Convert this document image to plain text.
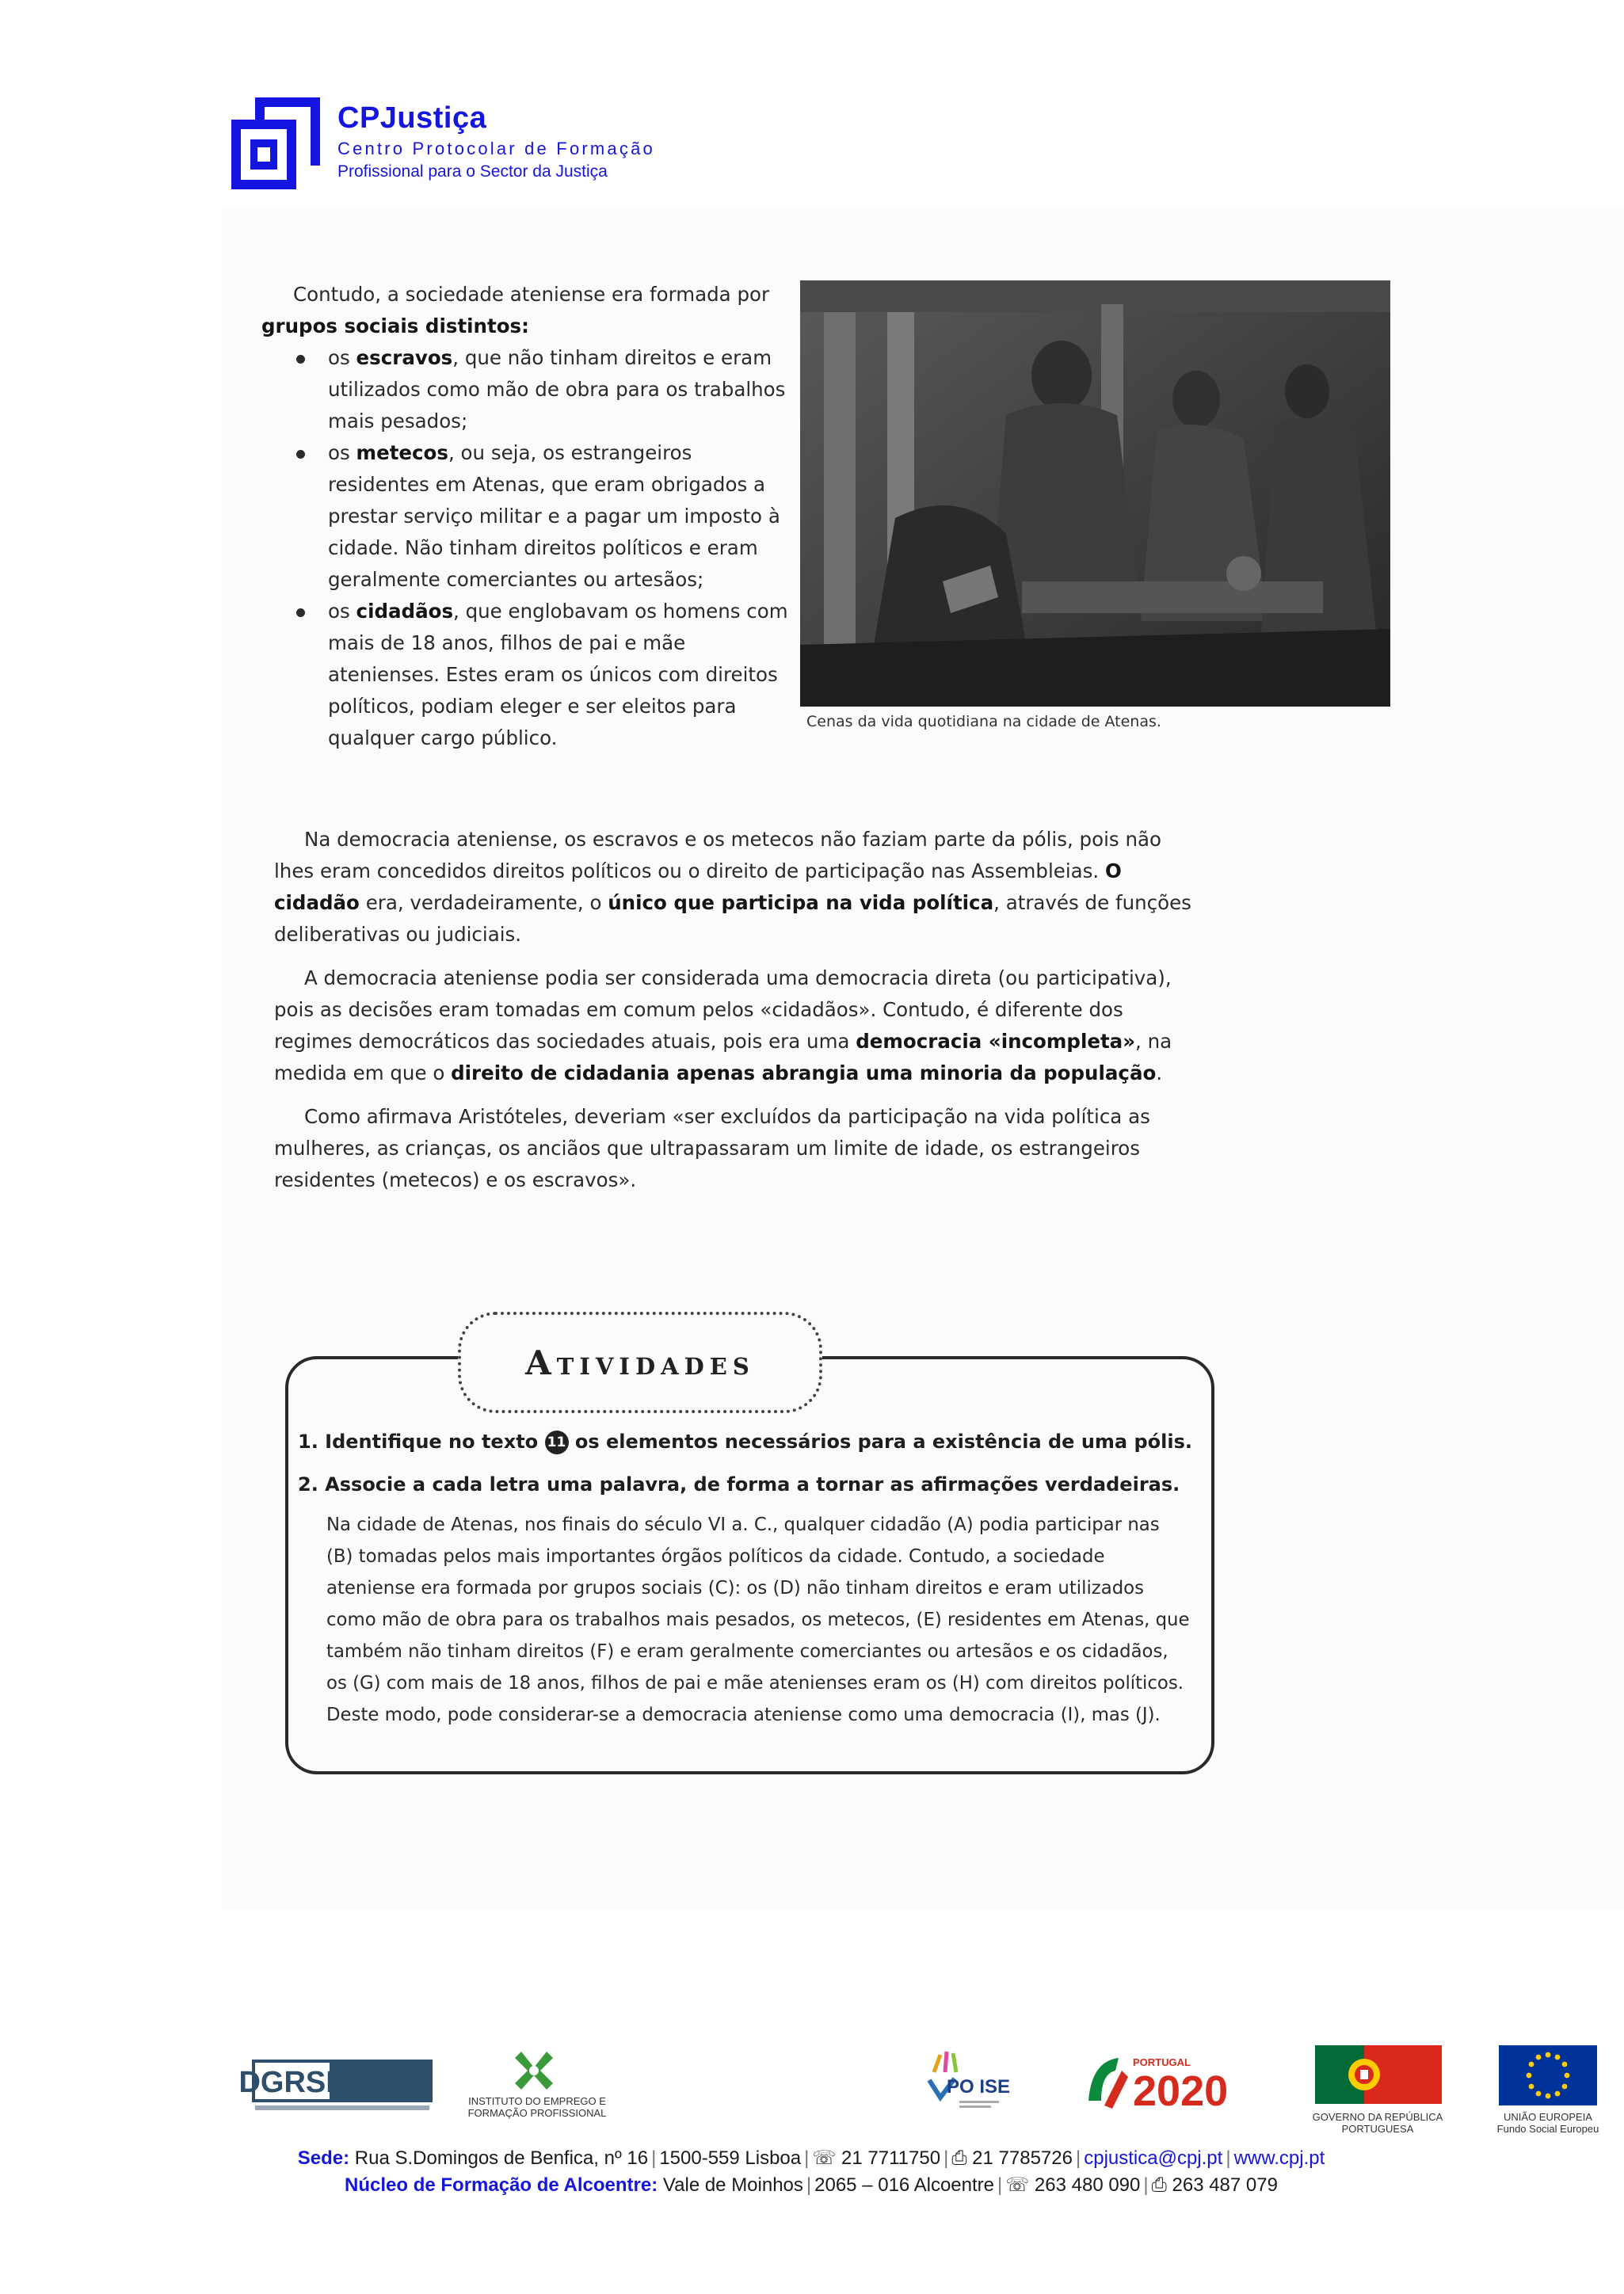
CPJustiça
Centro Protocolar de Formação
Profissional para o Sector da Justiça

Contudo, a sociedade ateniense era formada por grupos sociais distintos:

os escravos, que não tinham direitos e eram utilizados como mão de obra para os trabalhos mais pesados;
os metecos, ou seja, os estrangeiros residentes em Atenas, que eram obrigados a prestar serviço militar e a pagar um imposto à cidade. Não tinham direitos políticos e eram geralmente comerciantes ou artesãos;
os cidadãos, que englobavam os homens com mais de 18 anos, filhos de pai e mãe atenienses. Estes eram os únicos com direitos políticos, podiam eleger e ser eleitos para qualquer cargo público.
Cenas da vida quotidiana na cidade de Atenas.

Na democracia ateniense, os escravos e os metecos não faziam parte da pólis, pois não lhes eram concedidos direitos políticos ou o direito de participação nas Assembleias. O cidadão era, verdadeiramente, o único que participa na vida política, através de funções deliberativas ou judiciais.

A democracia ateniense podia ser considerada uma democracia direta (ou participativa), pois as decisões eram tomadas em comum pelos «cidadãos». Contudo, é diferente dos regimes democráticos das sociedades atuais, pois era uma democracia «incompleta», na medida em que o direito de cidadania apenas abrangia uma minoria da população.

Como afirmava Aristóteles, deveriam «ser excluídos da participação na vida política as mulheres, as crianças, os anciãos que ultrapassaram um limite de idade, os estrangeiros residentes (metecos) e os escravos».

Atividades

1. Identifique no texto 11 os elementos necessários para a existência de uma pólis.

2. Associe a cada letra uma palavra, de forma a tornar as afirmações verdadeiras.

Na cidade de Atenas, nos finais do século VI a. C., qualquer cidadão (A) podia participar nas (B) tomadas pelos mais importantes órgãos políticos da cidade. Contudo, a sociedade ateniense era formada por grupos sociais (C): os (D) não tinham direitos e eram utilizados como mão de obra para os trabalhos mais pesados, os metecos, (E) residentes em Atenas, que também não tinham direitos (F) e eram geralmente comerciantes ou artesãos e os cidadãos, os (G) com mais de 18 anos, filhos de pai e mãe atenienses eram os (H) com direitos políticos.

Deste modo, pode considerar-se a democracia ateniense como uma democracia (I), mas (J).

DGRSP
INSTITUTO DO EMPREGO E FORMAÇÃO PROFISSIONAL
PO ISE
PORTUGAL
2020
GOVERNO DA REPÚBLICA PORTUGUESA
UNIÃO EUROPEIA
Fundo Social Europeu
Sede: Rua S.Domingos de Benfica, nº 16 | 1500-559 Lisboa | ☏ 21 7711750 | ⎙ 21 7785726 | cpjustica@cpj.pt | www.cpj.pt
Núcleo de Formação de Alcoentre: Vale de Moinhos | 2065 – 016 Alcoentre | ☏ 263 480 090 | ⎙ 263 487 079
